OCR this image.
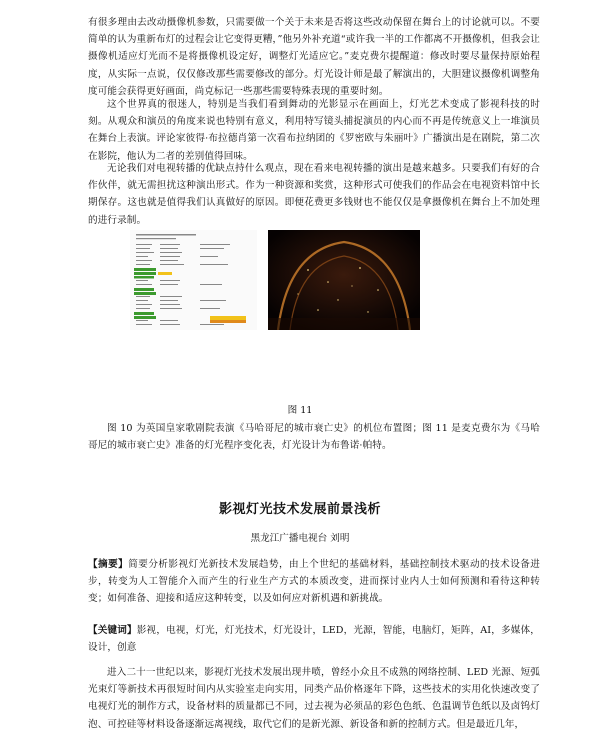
有很多理由去改动摄像机参数，只需要做一个关于未来是否将这些改动保留在舞台上的讨论就可以。不要简单的认为重新布灯的过程会让它变得更糟，”他另外补充道“或许我一半的工作都离不开摄像机，但我会让摄像机适应灯光而不是将摄像机设定好，调整灯光适应它。”麦克费尔提醒道：修改时要尽量保持原始程度，从实际一点说，仅仅修改那些需要修改的部分。灯光设计师是最了解演出的，大胆建议摄像机调整角度可能会获得更好画面，尚克标记一些那些需要特殊表现的重要时刻。

这个世界真的很迷人，特别是当我们看到舞动的光影显示在画面上，灯光艺术变成了影视科技的时刻。从观众和演员的角度来说也特别有意义，利用特写镜头捕捉演员的内心而不再是传统意义上一堆演员在舞台上表演。评论家彼得·布拉德肖第一次看布拉纳团的《罗密欧与朱丽叶》广播演出是在剧院，第二次在影院，他认为二者的差别值得回味。

无论我们对电视转播的优缺点持什么观点，现在看来电视转播的演出是越来越多。只要我们有好的合作伙伴，就无需担扰这种演出形式。作为一种资源和奖赏，这种形式可使我们的作品会在电视资料馆中长期保存。这也就是值得我们认真做好的原因。即便花费更多钱财也不能仅仅是拿摄像机在舞台上不加处理的进行录制。

图 11

图 10 为英国皇家歌剧院表演《马哈哥尼的城市衰亡史》的机位布置图；图 11 是麦克费尔为《马哈哥尼的城市衰亡史》准备的灯光程序变化表，灯光设计为布鲁诺·帕特。

影视灯光技术发展前景浅析
黑龙江广播电视台 刘明

【摘要】简要分析影视灯光新技术发展趋势，由上个世纪的基础材料，基础控制技术驱动的技术设备进步，转变为人工智能介入而产生的行业生产方式的本质改变，进而探讨业内人士如何预测和看待这种转变；如何准备、迎接和适应这种转变，以及如何应对新机遇和新挑战。

【关键词】影视，电视，灯光，灯光技术，灯光设计，LED，光源，智能，电脑灯，矩阵，AI，多媒体，设计，创意

进入二十一世纪以来，影视灯光技术发展出现井喷，曾经小众且不成熟的网络控制、LED 光源、短弧光束灯等新技术再很短时间内从实验室走向实用，同类产品价格逐年下降，这些技术的实用化快速改变了电视灯光的制作方式，设备材料的质量都已不同，过去视为必须品的彩色色纸、色温调节色纸以及卤钨灯泡、可控硅等材料设备逐渐远离视线，取代它们的是新光源、新设备和新的控制方式。但是最近几年，
